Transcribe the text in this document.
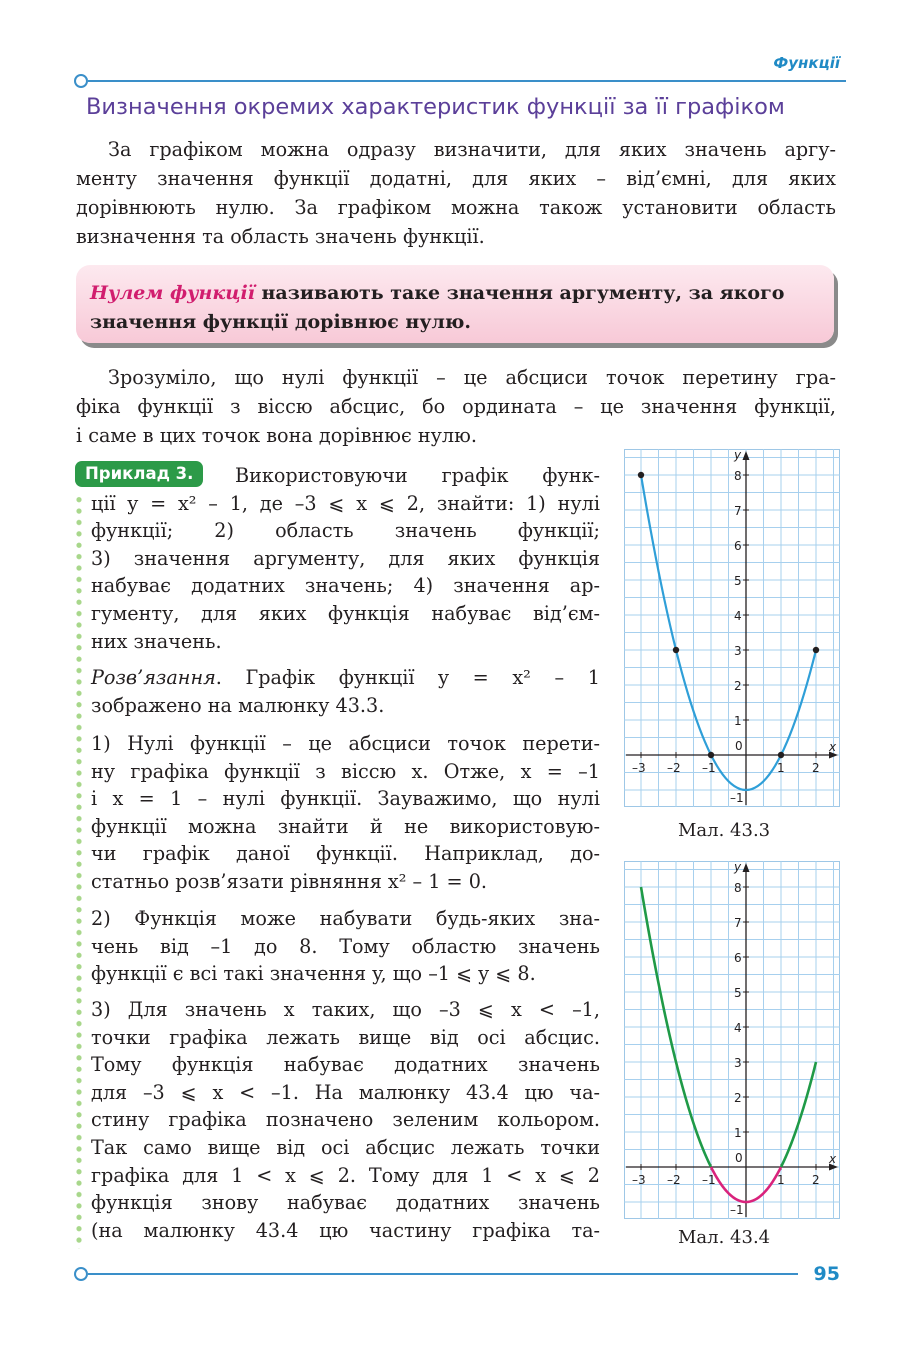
Функції
Визначення окремих характеристик функції за її графіком
За графіком можна одразу визначити, для яких значень аргу-
менту значення функції додатні, для яких – від’ємні, для яких
дорівнюють нулю. За графіком можна також установити область
визначення та область значень функції.
Нулем функції називають таке значення аргументу, за якого
значення функції дорівнює нулю.
Зрозуміло, що нулі функції – це абсциси точок перетину гра-
фіка функції з віссю абсцис, бо ордината – це значення функції,
і саме в цих точок вона дорівнює нулю.
Приклад 3.	Використовуючи графік функ-
ції y = x² – 1, де –3 ⩽ x ⩽ 2, знайти: 1) нулі
функції; 2) область значень функції;
3) значення аргументу, для яких функція
набуває додатних значень; 4) значення ар-
гументу, для яких функція набуває від’єм-
них значень.
Розв’язання. Графік функції y = x² – 1
зображено на малюнку 43.3.
1) Нулі функції – це абсциси точок перети-
ну графіка функції з віссю x. Отже, x = –1
і x = 1 – нулі функції. Зауважимо, що нулі
функції можна знайти й не використовую-
чи графік даної функції. Наприклад, до-
статньо розв’язати рівняння x² – 1 = 0.
2) Функція може набувати будь-яких зна-
чень від –1 до 8. Тому областю значень
функції є всі такі значення y, що –1 ⩽ y ⩽ 8.
3) Для значень x таких, що –3 ⩽ x < –1,
точки графіка лежать вище від осі абсцис.
Тому функція набуває додатних значень
для –3 ⩽ x < –1. На малюнку 43.4 цю ча-
стину графіка позначено зеленим кольором.
Так само вище від осі абсцис лежать точки
графіка для 1 < x ⩽ 2. Тому для 1 < x ⩽ 2
функція знову набуває додатних значень
(на малюнку 43.4 цю частину графіка та-
x
y
–3 –2 –1
0
1 2
–1
1
2
3
4
5
6
7
8
Мал. 43.3
x
y
–3 –2 –1
0
1 2
–1
1
2
3
4
5
6
7
8
Мал. 43.4
95
